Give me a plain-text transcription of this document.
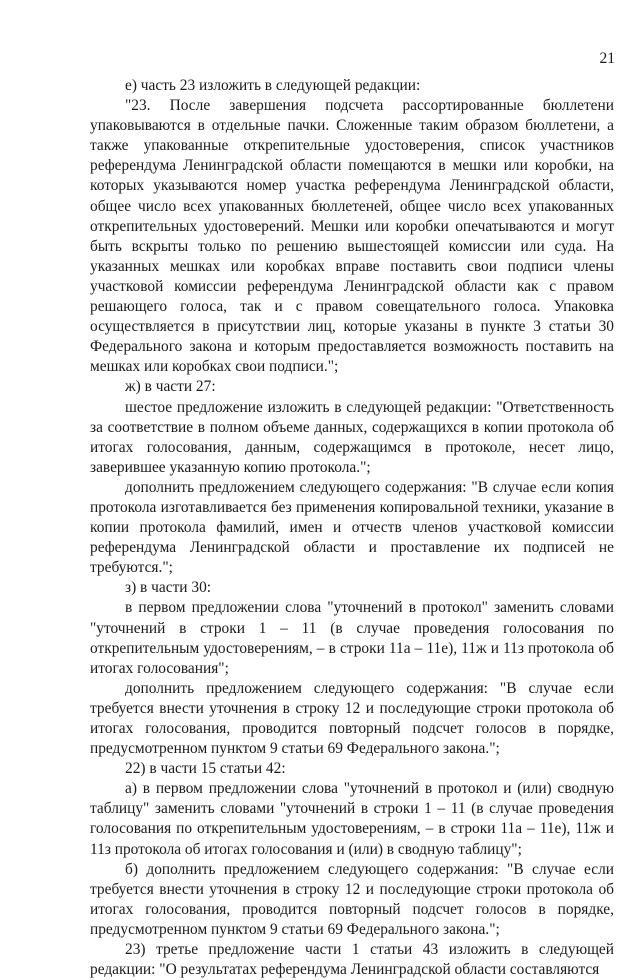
21

е) часть 23 изложить в следующей редакции:

"23. После завершения подсчета рассортированные бюллетени упаковываются в отдельные пачки. Сложенные таким образом бюллетени, а также упакованные открепительные удостоверения, список участников референдума Ленинградской области помещаются в мешки или коробки, на которых указываются номер участка референдума Ленинградской области, общее число всех упакованных бюллетеней, общее число всех упакованных открепительных удостоверений. Мешки или коробки опечатываются и могут быть вскрыты только по решению вышестоящей комиссии или суда. На указанных мешках или коробках вправе поставить свои подписи члены участковой комиссии референдума Ленинградской области как с правом решающего голоса, так и с правом совещательного голоса. Упаковка осуществляется в присутствии лиц, которые указаны в пункте 3 статьи 30 Федерального закона и которым предоставляется возможность поставить на мешках или коробках свои подписи.";

ж) в части 27:

шестое предложение изложить в следующей редакции: "Ответственность за соответствие в полном объеме данных, содержащихся в копии протокола об итогах голосования, данным, содержащимся в протоколе, несет лицо, заверившее указанную копию протокола.";

дополнить предложением следующего содержания: "В случае если копия протокола изготавливается без применения копировальной техники, указание в копии протокола фамилий, имен и отчеств членов участковой комиссии референдума Ленинградской области и проставление их подписей не требуются.";

з) в части 30:

в первом предложении слова "уточнений в протокол" заменить словами "уточнений в строки 1 – 11 (в случае проведения голосования по открепительным удостоверениям, – в строки 11а – 11е), 11ж и 11з протокола об итогах голосования";

дополнить предложением следующего содержания: "В случае если требуется внести уточнения в строку 12 и последующие строки протокола об итогах голосования, проводится повторный подсчет голосов в порядке, предусмотренном пунктом 9 статьи 69 Федерального закона.";

22) в части 15 статьи 42:

а) в первом предложении слова "уточнений в протокол и (или) сводную таблицу" заменить словами "уточнений в строки 1 – 11 (в случае проведения голосования по открепительным удостоверениям, – в строки 11а – 11е), 11ж и 11з протокола об итогах голосования и (или) в сводную таблицу";

б) дополнить предложением следующего содержания: "В случае если требуется внести уточнения в строку 12 и последующие строки протокола об итогах голосования, проводится повторный подсчет голосов в порядке, предусмотренном пунктом 9 статьи 69 Федерального закона.";

23) третье предложение части 1 статьи 43 изложить в следующей редакции: "О результатах референдума Ленинградской области составляются
